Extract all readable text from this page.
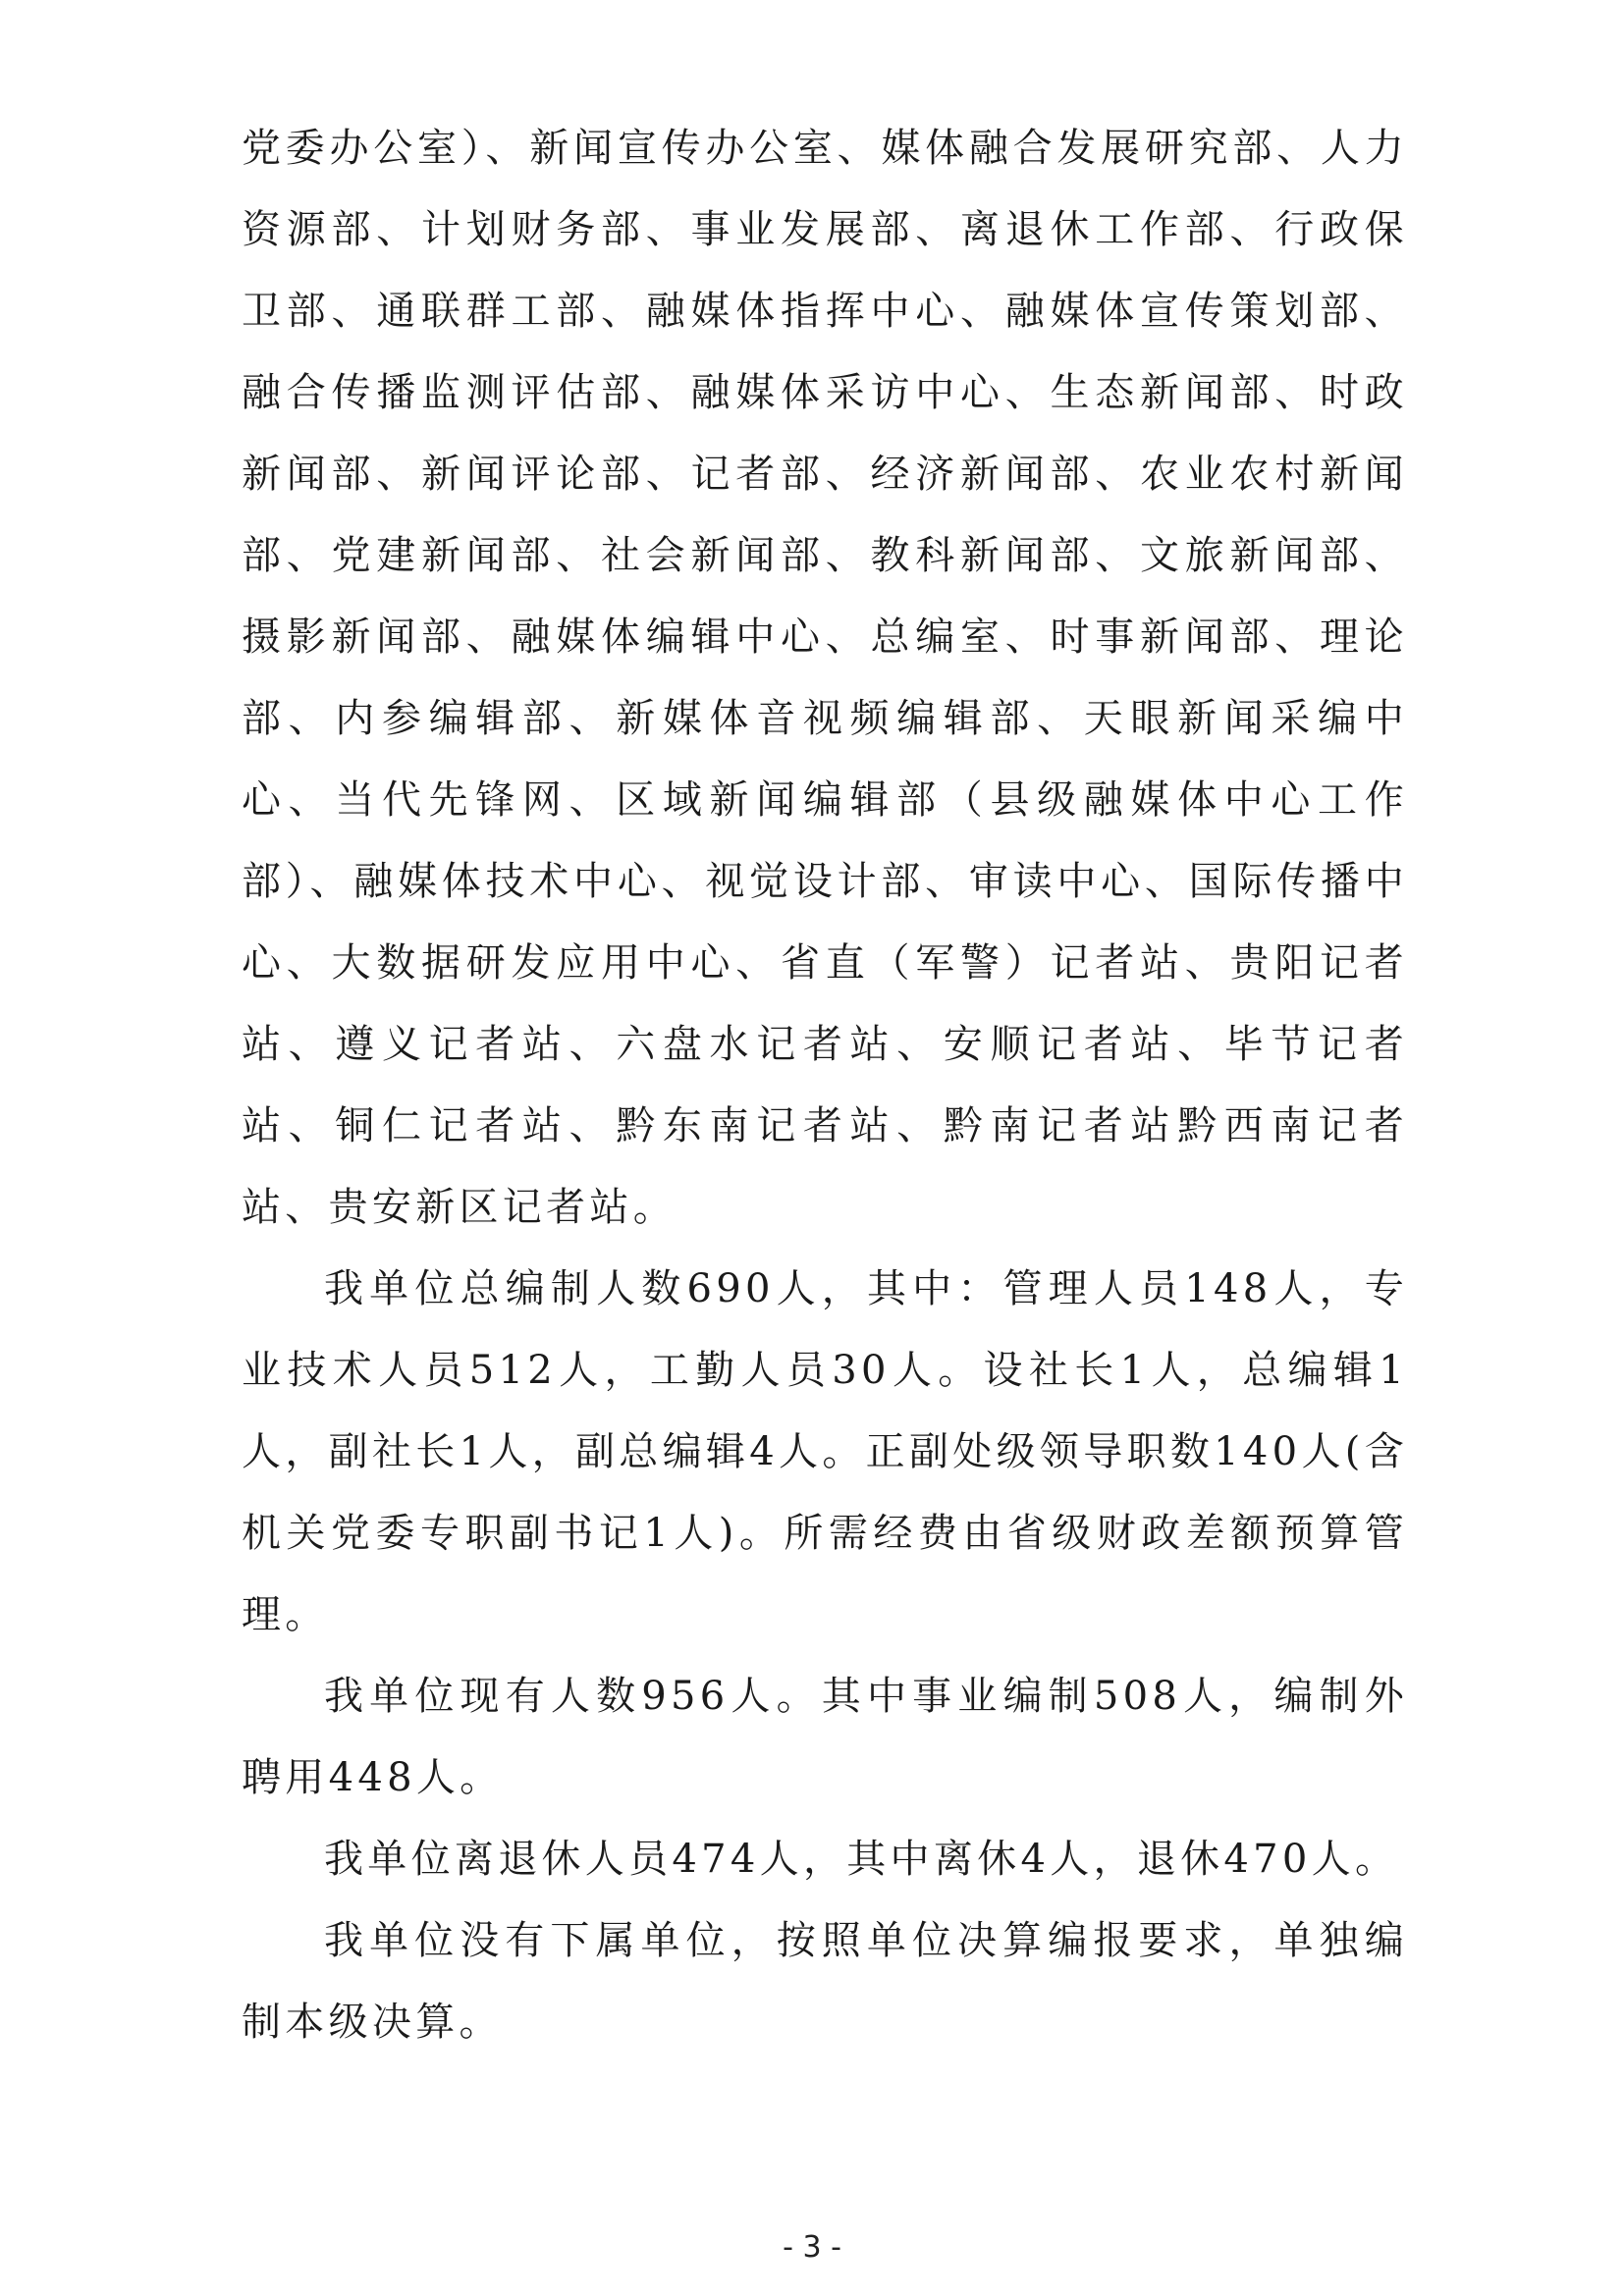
党委办公室）、新闻宣传办公室、媒体融合发展研究部、人力资源部、计划财务部、事业发展部、离退休工作部、行政保卫部、通联群工部、融媒体指挥中心、融媒体宣传策划部、融合传播监测评估部、融媒体采访中心、生态新闻部、时政新闻部、新闻评论部、记者部、经济新闻部、农业农村新闻部、党建新闻部、社会新闻部、教科新闻部、文旅新闻部、摄影新闻部、融媒体编辑中心、总编室、时事新闻部、理论部、内参编辑部、新媒体音视频编辑部、天眼新闻采编中心、当代先锋网、区域新闻编辑部（县级融媒体中心工作部）、融媒体技术中心、视觉设计部、审读中心、国际传播中心、大数据研发应用中心、省直（军警）记者站、贵阳记者站、遵义记者站、六盘水记者站、安顺记者站、毕节记者站、铜仁记者站、黔东南记者站、黔南记者站黔西南记者站、贵安新区记者站。

我单位总编制人数690人，其中：管理人员148人，专业技术人员512人，工勤人员30人。设社长1人，总编辑1人，副社长1人，副总编辑4人。正副处级领导职数140人(含机关党委专职副书记1人)。所需经费由省级财政差额预算管理。

我单位现有人数956人。其中事业编制508人，编制外聘用448人。

我单位离退休人员474人，其中离休4人，退休470人。

我单位没有下属单位，按照单位决算编报要求，单独编制本级决算。

- 3 -
